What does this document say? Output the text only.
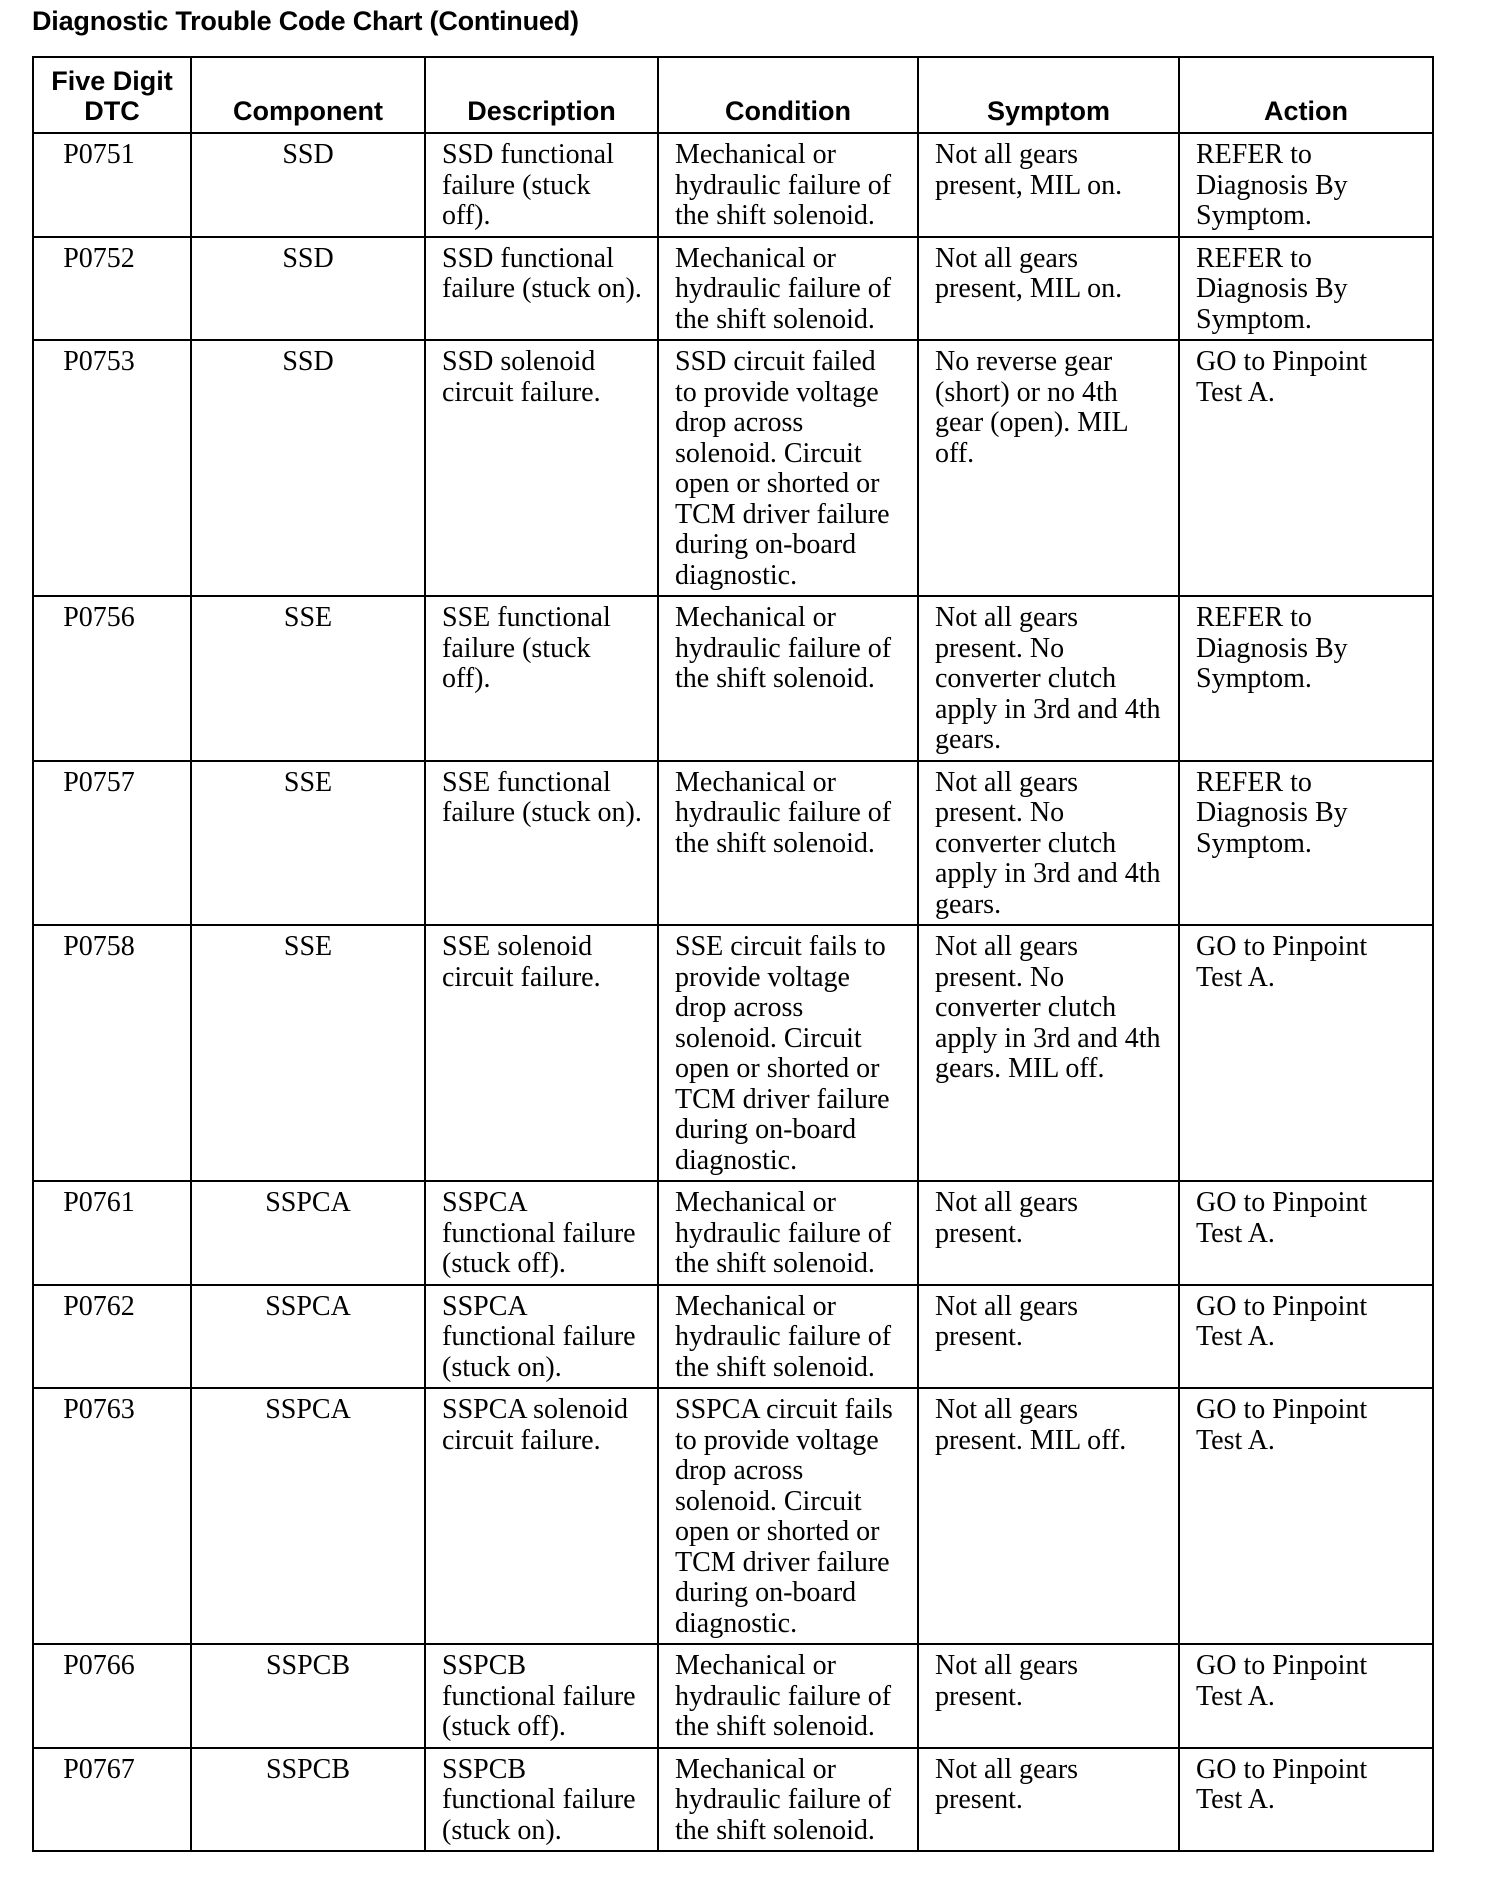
Diagnostic Trouble Code Chart (Continued)
Five Digit
DTC	Component	Description	Condition	Symptom	Action
P0751	SSD	SSD functional failure (stuck off).	Mechanical or hydraulic failure of the shift solenoid.	Not all gears present, MIL on.	REFER to Diagnosis By Symptom.
P0752	SSD	SSD functional failure (stuck on).	Mechanical or hydraulic failure of the shift solenoid.	Not all gears present, MIL on.	REFER to Diagnosis By Symptom.
P0753	SSD	SSD solenoid circuit failure.	SSD circuit failed to provide voltage drop across solenoid. Circuit open or shorted or TCM driver failure during on-board diagnostic.	No reverse gear (short) or no 4th gear (open). MIL off.	GO to Pinpoint Test A.
P0756	SSE	SSE functional failure (stuck off).	Mechanical or hydraulic failure of the shift solenoid.	Not all gears present. No converter clutch apply in 3rd and 4th gears.	REFER to Diagnosis By Symptom.
P0757	SSE	SSE functional failure (stuck on).	Mechanical or hydraulic failure of the shift solenoid.	Not all gears present. No converter clutch apply in 3rd and 4th gears.	REFER to Diagnosis By Symptom.
P0758	SSE	SSE solenoid circuit failure.	SSE circuit fails to provide voltage drop across solenoid. Circuit open or shorted or TCM driver failure during on-board diagnostic.	Not all gears present. No converter clutch apply in 3rd and 4th gears. MIL off.	GO to Pinpoint Test A.
P0761	SSPCA	SSPCA functional failure (stuck off).	Mechanical or hydraulic failure of the shift solenoid.	Not all gears present.	GO to Pinpoint Test A.
P0762	SSPCA	SSPCA functional failure (stuck on).	Mechanical or hydraulic failure of the shift solenoid.	Not all gears present.	GO to Pinpoint Test A.
P0763	SSPCA	SSPCA solenoid circuit failure.	SSPCA circuit fails to provide voltage drop across solenoid. Circuit open or shorted or TCM driver failure during on-board diagnostic.	Not all gears present. MIL off.	GO to Pinpoint Test A.
P0766	SSPCB	SSPCB functional failure (stuck off).	Mechanical or hydraulic failure of the shift solenoid.	Not all gears present.	GO to Pinpoint Test A.
P0767	SSPCB	SSPCB functional failure (stuck on).	Mechanical or hydraulic failure of the shift solenoid.	Not all gears present.	GO to Pinpoint Test A.
